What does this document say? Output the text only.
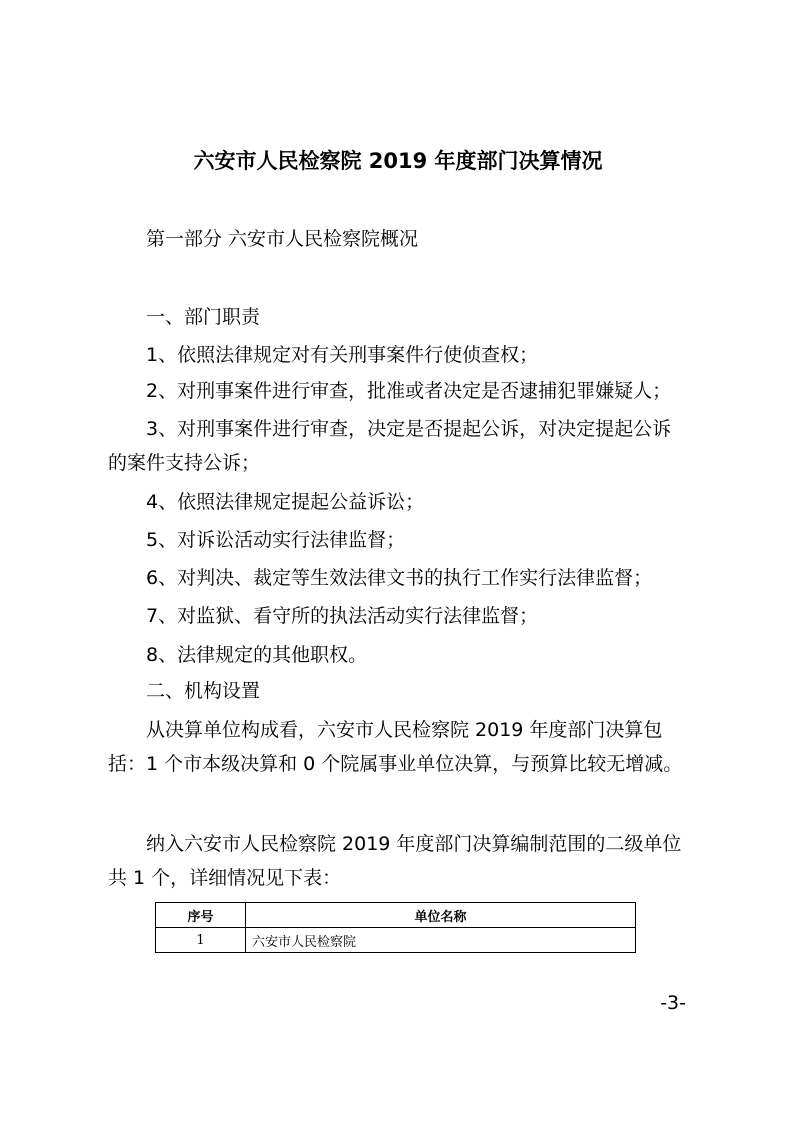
六安市人民检察院 2019 年度部门决算情况
第一部分 六安市人民检察院概况
一、部门职责
1、依照法律规定对有关刑事案件行使侦查权；
2、对刑事案件进行审查，批准或者决定是否逮捕犯罪嫌疑人；
3、对刑事案件进行审查，决定是否提起公诉，对决定提起公诉的案件支持公诉；
4、依照法律规定提起公益诉讼；
5、对诉讼活动实行法律监督；
6、对判决、裁定等生效法律文书的执行工作实行法律监督；
7、对监狱、看守所的执法活动实行法律监督；
8、法律规定的其他职权。
二、机构设置
从决算单位构成看，六安市人民检察院 2019 年度部门决算包括：1 个市本级决算和 0 个院属事业单位决算，与预算比较无增减。
纳入六安市人民检察院 2019 年度部门决算编制范围的二级单位共 1 个，详细情况见下表：
序号	单位名称
1	六安市人民检察院
-3-
